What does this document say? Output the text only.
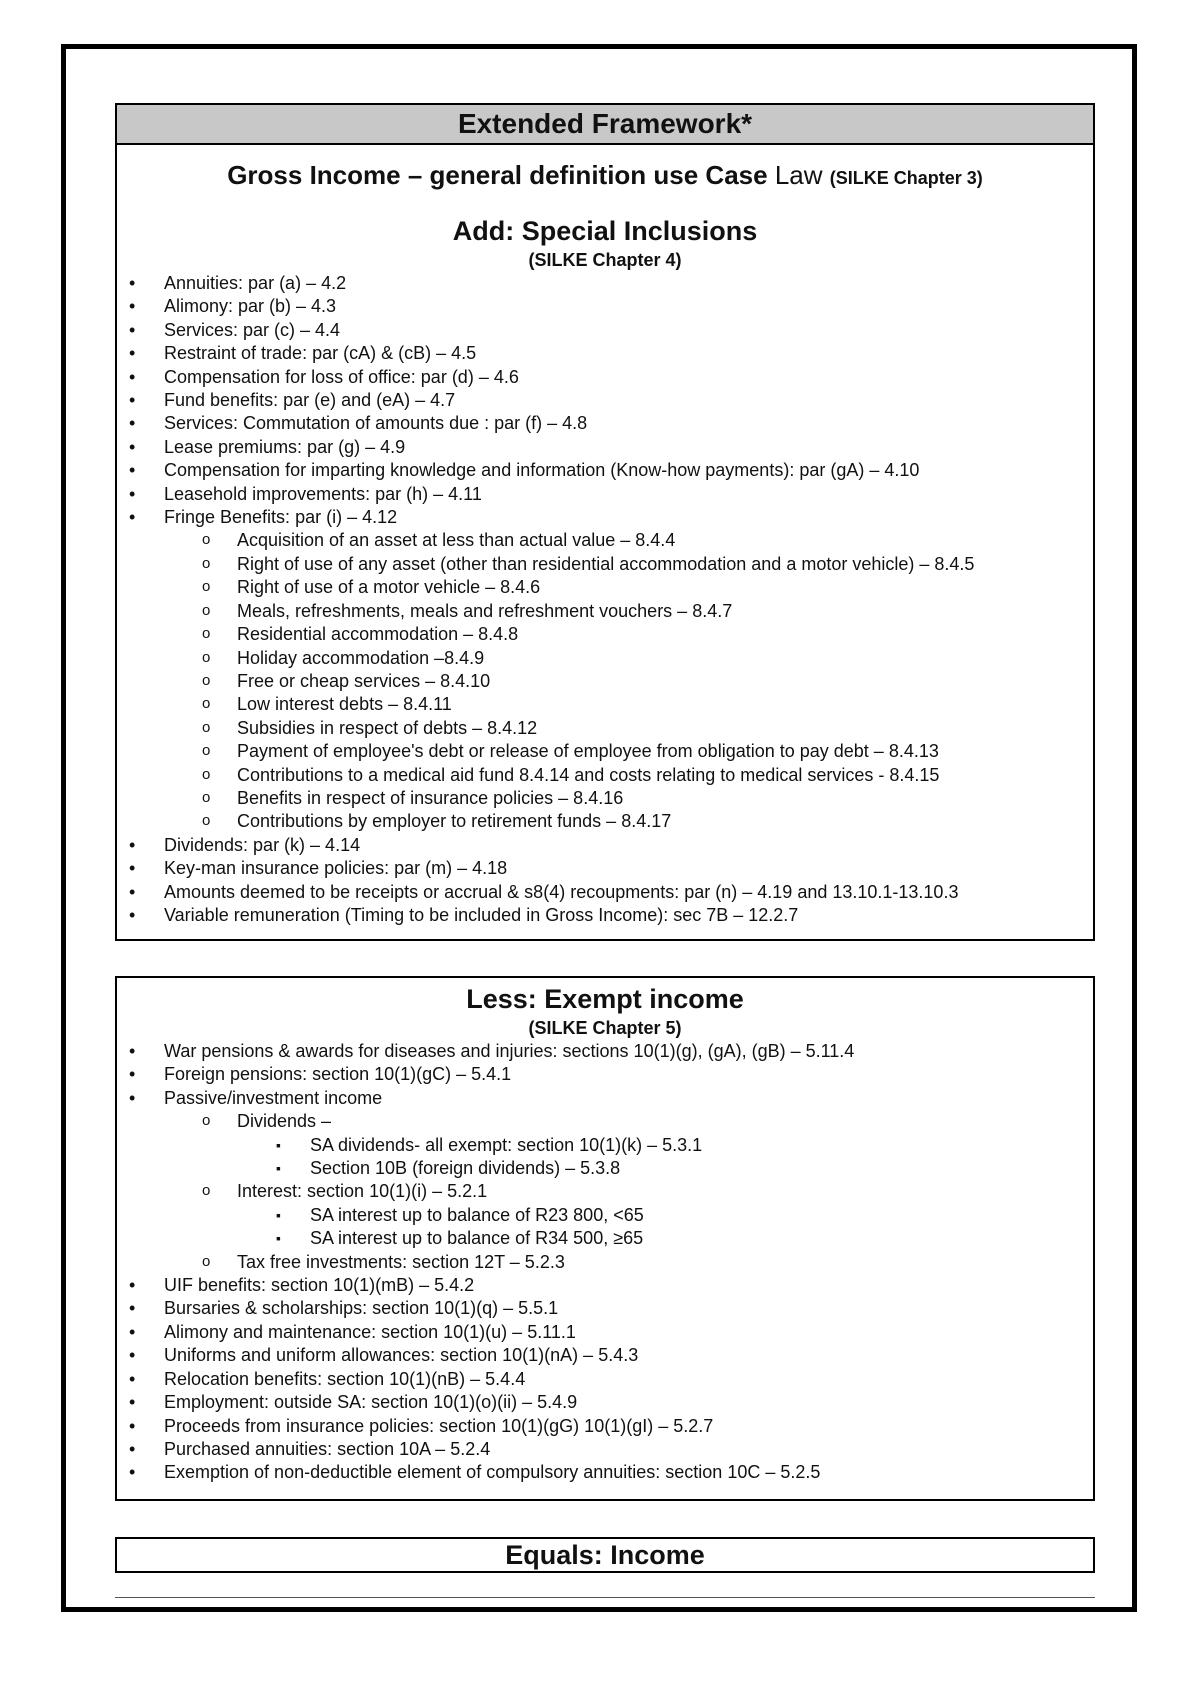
Extended Framework*
Gross Income – general definition use Case Law (SILKE Chapter 3)
Add: Special Inclusions
(SILKE Chapter 4)
• Annuities: par (a) – 4.2
• Alimony: par (b) – 4.3
• Services: par (c) – 4.4
• Restraint of trade: par (cA) & (cB) – 4.5
• Compensation for loss of office: par (d) – 4.6
• Fund benefits: par (e) and (eA) – 4.7
• Services: Commutation of amounts due : par (f) – 4.8
• Lease premiums: par (g) – 4.9
• Compensation for imparting knowledge and information (Know-how payments): par (gA) – 4.10
• Leasehold improvements: par (h) – 4.11
• Fringe Benefits: par (i) – 4.12
o Acquisition of an asset at less than actual value – 8.4.4
o Right of use of any asset (other than residential accommodation and a motor vehicle) – 8.4.5
o Right of use of a motor vehicle – 8.4.6
o Meals, refreshments, meals and refreshment vouchers – 8.4.7
o Residential accommodation – 8.4.8
o Holiday accommodation –8.4.9
o Free or cheap services – 8.4.10
o Low interest debts – 8.4.11
o Subsidies in respect of debts – 8.4.12
o Payment of employee's debt or release of employee from obligation to pay debt – 8.4.13
o Contributions to a medical aid fund 8.4.14 and costs relating to medical services - 8.4.15
o Benefits in respect of insurance policies – 8.4.16
o Contributions by employer to retirement funds – 8.4.17
• Dividends: par (k) – 4.14
• Key-man insurance policies: par (m) – 4.18
• Amounts deemed to be receipts or accrual & s8(4) recoupments: par (n) – 4.19 and 13.10.1-13.10.3
• Variable remuneration (Timing to be included in Gross Income): sec 7B – 12.2.7
Less: Exempt income
(SILKE Chapter 5)
• War pensions & awards for diseases and injuries: sections 10(1)(g), (gA), (gB) – 5.11.4
• Foreign pensions: section 10(1)(gC) – 5.4.1
• Passive/investment income
o Dividends –
▪ SA dividends- all exempt: section 10(1)(k) – 5.3.1
▪ Section 10B (foreign dividends) – 5.3.8
o Interest: section 10(1)(i) – 5.2.1
▪ SA interest up to balance of R23 800, <65
▪ SA interest up to balance of R34 500, ≥65
o Tax free investments: section 12T – 5.2.3
• UIF benefits: section 10(1)(mB) – 5.4.2
• Bursaries & scholarships: section 10(1)(q) – 5.5.1
• Alimony and maintenance: section 10(1)(u) – 5.11.1
• Uniforms and uniform allowances: section 10(1)(nA) – 5.4.3
• Relocation benefits: section 10(1)(nB) – 5.4.4
• Employment: outside SA: section 10(1)(o)(ii) – 5.4.9
• Proceeds from insurance policies: section 10(1)(gG) 10(1)(gI) – 5.2.7
• Purchased annuities: section 10A – 5.2.4
• Exemption of non-deductible element of compulsory annuities: section 10C – 5.2.5
Equals: Income
